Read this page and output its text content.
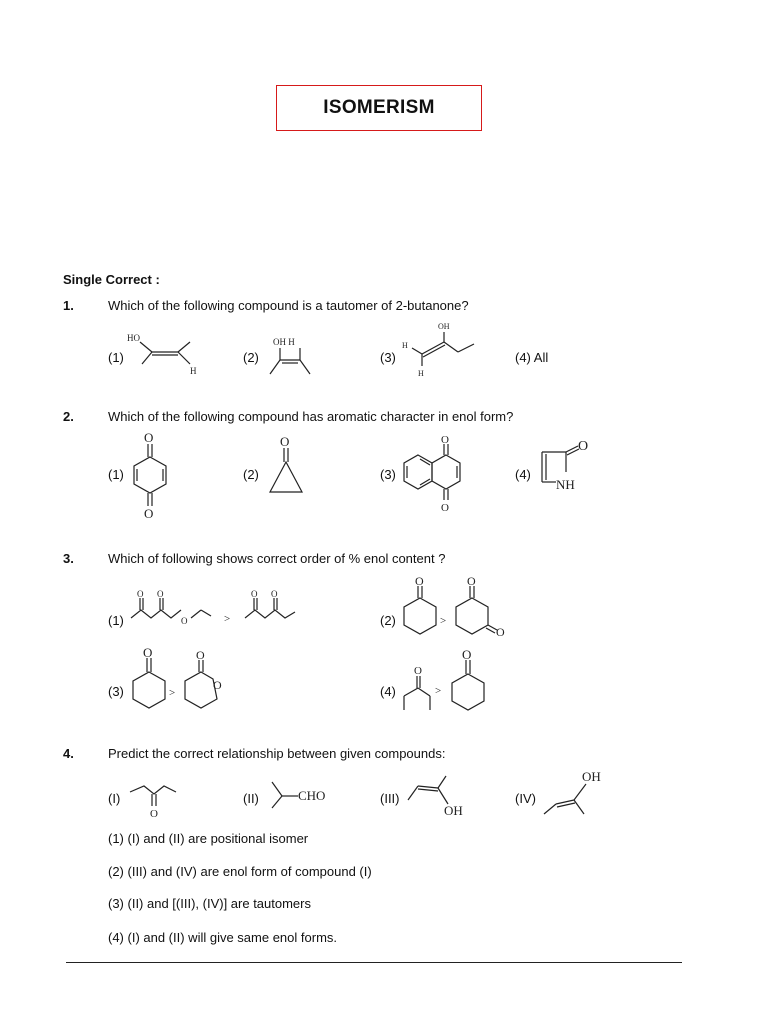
ISOMERISM
Single Correct :
1.	Which of the following compound is a tautomer of 2-butanone?
(1)
HO
H
(2)
OH H
(3)
OH
H
H
(4) All
2.	Which of the following compound has aromatic character in enol form?
(1)
O
O
(2)
O
(3)
O
O
(4)
O
NH
3.	Which of following shows correct order of % enol content ?
(1)
O O
O	>
O O
(2)
O
>
O
O
(3)
O
>
O
O	(4)
O
>
O
4.	Predict the correct relationship between given compounds:
(I)
O
(II)	CHO	(III)
OH
(IV)
OH
(1) (I) and (II) are positional isomer
(2) (III) and (IV) are enol form of compound (I)
(3) (II) and [(III), (IV)] are tautomers
(4) (I) and (II) will give same enol forms.
